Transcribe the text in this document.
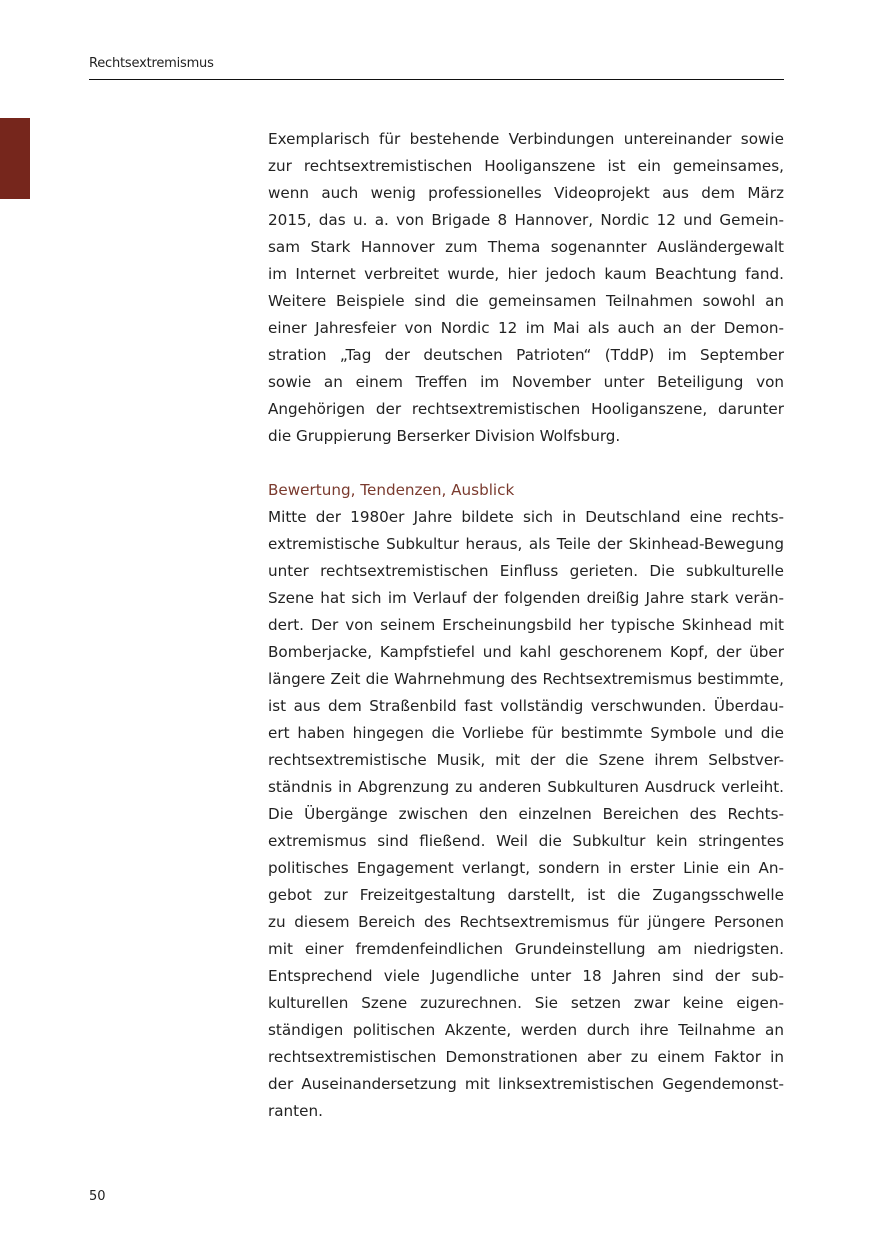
Rechtsextremismus
Exemplarisch für bestehende Verbindungen untereinander sowie
zur rechtsextremistischen Hooliganszene ist ein gemeinsames,
wenn auch wenig professionelles Videoprojekt aus dem März
2015, das u. a. von Brigade 8 Hannover, Nordic 12 und Gemein-
sam Stark Hannover zum Thema sogenannter Ausländergewalt
im Internet verbreitet wurde, hier jedoch kaum Beachtung fand.
Weitere Beispiele sind die gemeinsamen Teilnahmen sowohl an
einer Jahresfeier von Nordic 12 im Mai als auch an der Demon-
stration „Tag der deutschen Patrioten“ (TddP) im September
sowie an einem Treffen im November unter Beteiligung von
Angehörigen der rechtsextremistischen Hooliganszene, darunter
die Gruppierung Berserker Division Wolfsburg.
Bewertung, Tendenzen, Ausblick
Mitte der 1980er Jahre bildete sich in Deutschland eine rechts-
extremistische Subkultur heraus, als Teile der Skinhead-Bewegung
unter rechtsextremistischen Einfluss gerieten. Die subkulturelle
Szene hat sich im Verlauf der folgenden dreißig Jahre stark verän-
dert. Der von seinem Erscheinungsbild her typische Skinhead mit
Bomberjacke, Kampfstiefel und kahl geschorenem Kopf, der über
längere Zeit die Wahrnehmung des Rechtsextremismus bestimmte,
ist aus dem Straßenbild fast vollständig verschwunden. Überdau-
ert haben hingegen die Vorliebe für bestimmte Symbole und die
rechtsextremistische Musik, mit der die Szene ihrem Selbstver-
ständnis in Abgrenzung zu anderen Subkulturen Ausdruck verleiht.
Die Übergänge zwischen den einzelnen Bereichen des Rechts-
extremismus sind fließend. Weil die Subkultur kein stringentes
politisches Engagement verlangt, sondern in erster Linie ein An-
gebot zur Freizeitgestaltung darstellt, ist die Zugangsschwelle
zu diesem Bereich des Rechtsextremismus für jüngere Personen
mit einer fremdenfeindlichen Grundeinstellung am niedrigsten.
Entsprechend viele Jugendliche unter 18 Jahren sind der sub-
kulturellen Szene zuzurechnen. Sie setzen zwar keine eigen-
ständigen politischen Akzente, werden durch ihre Teilnahme an
rechtsextremistischen Demonstrationen aber zu einem Faktor in
der Auseinandersetzung mit linksextremistischen Gegendemonst-
ranten.
50
